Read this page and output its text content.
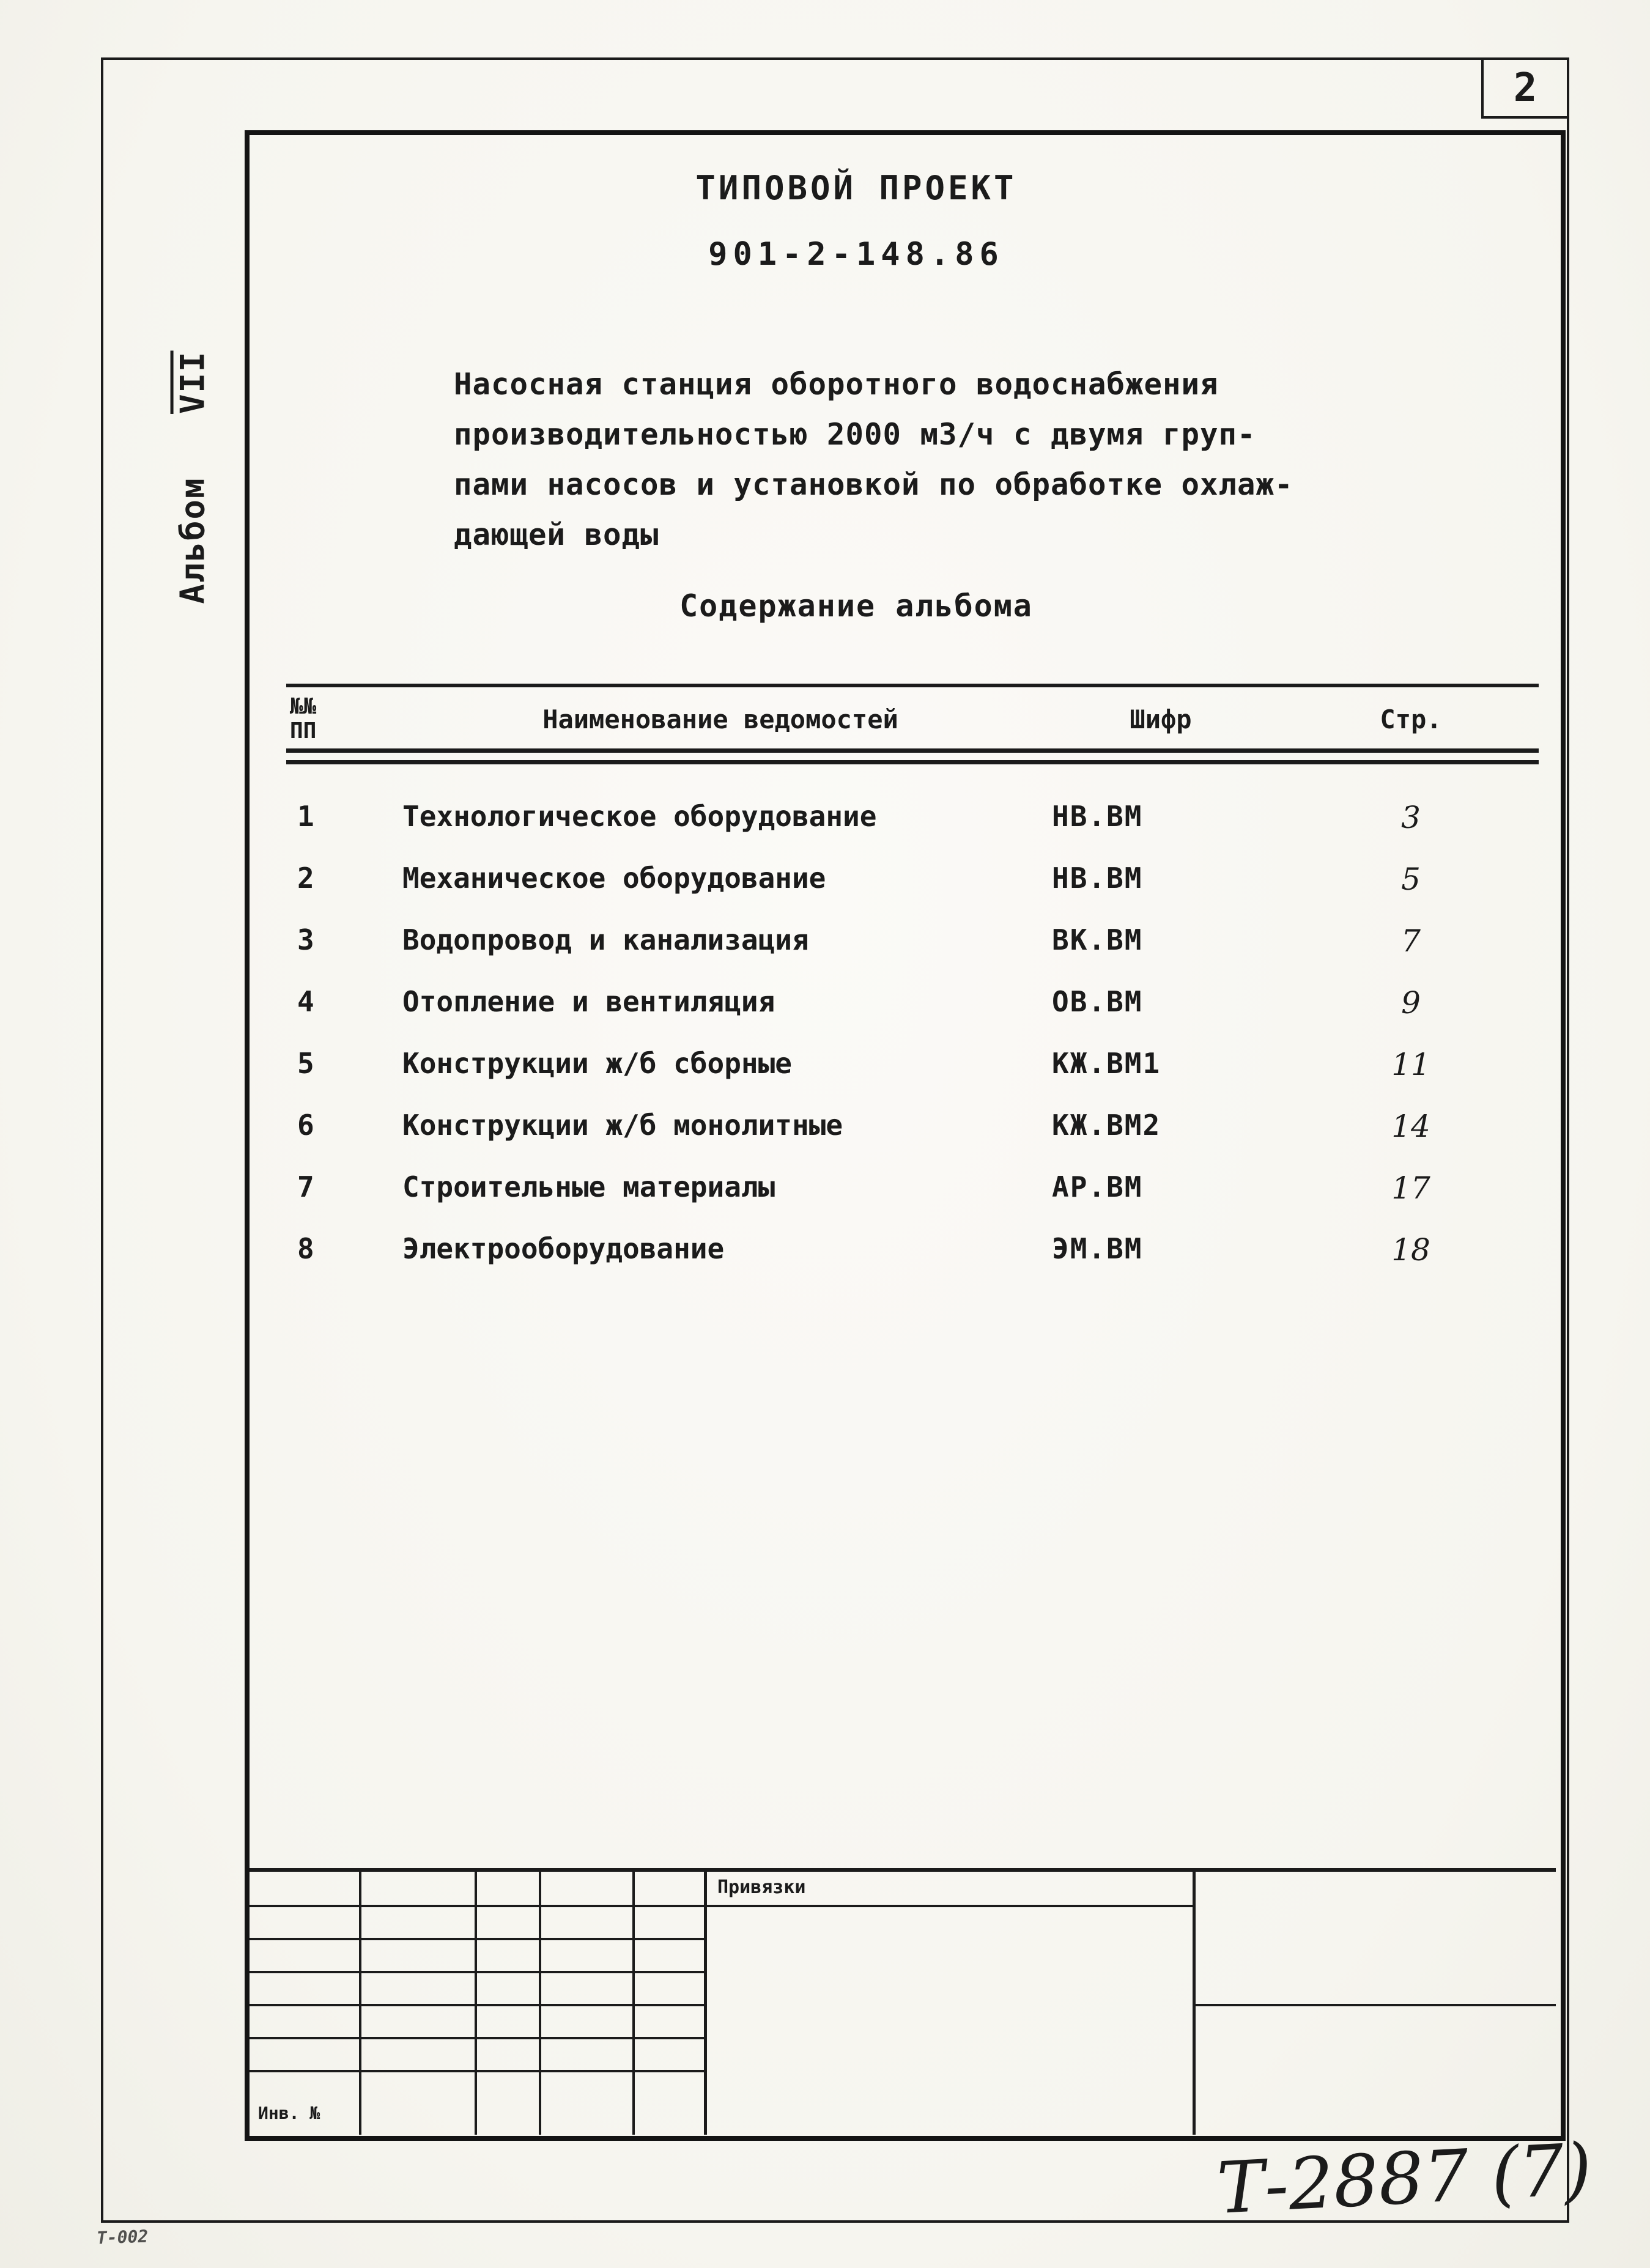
2
Альбом   $\overline{VII}$
ТИПОВОЙ ПРОЕКТ
901-2-148.86
Насосная станция оборотного водоснабжения
производительностью 2000 м3/ч с двумя груп-
пами насосов и установкой по обработке охлаж-
дающей воды
Содержание альбома
№№
ПП	Наименование ведомостей	Шифр	Стр.
1	Технологическое оборудование	НВ.ВМ	3
2	Механическое оборудование	НВ.ВМ	5
3	Водопровод и канализация	ВК.ВМ	7
4	Отопление и вентиляция	ОВ.ВМ	9
5	Конструкции ж/б сборные	КЖ.ВМ1	11
6	Конструкции ж/б монолитные	КЖ.ВМ2	14
7	Строительные материалы	АР.ВМ	17
8	Электрооборудование	ЭМ.ВМ	18
Привязки
Инв. №
Т-2887 (7)
Т-002
